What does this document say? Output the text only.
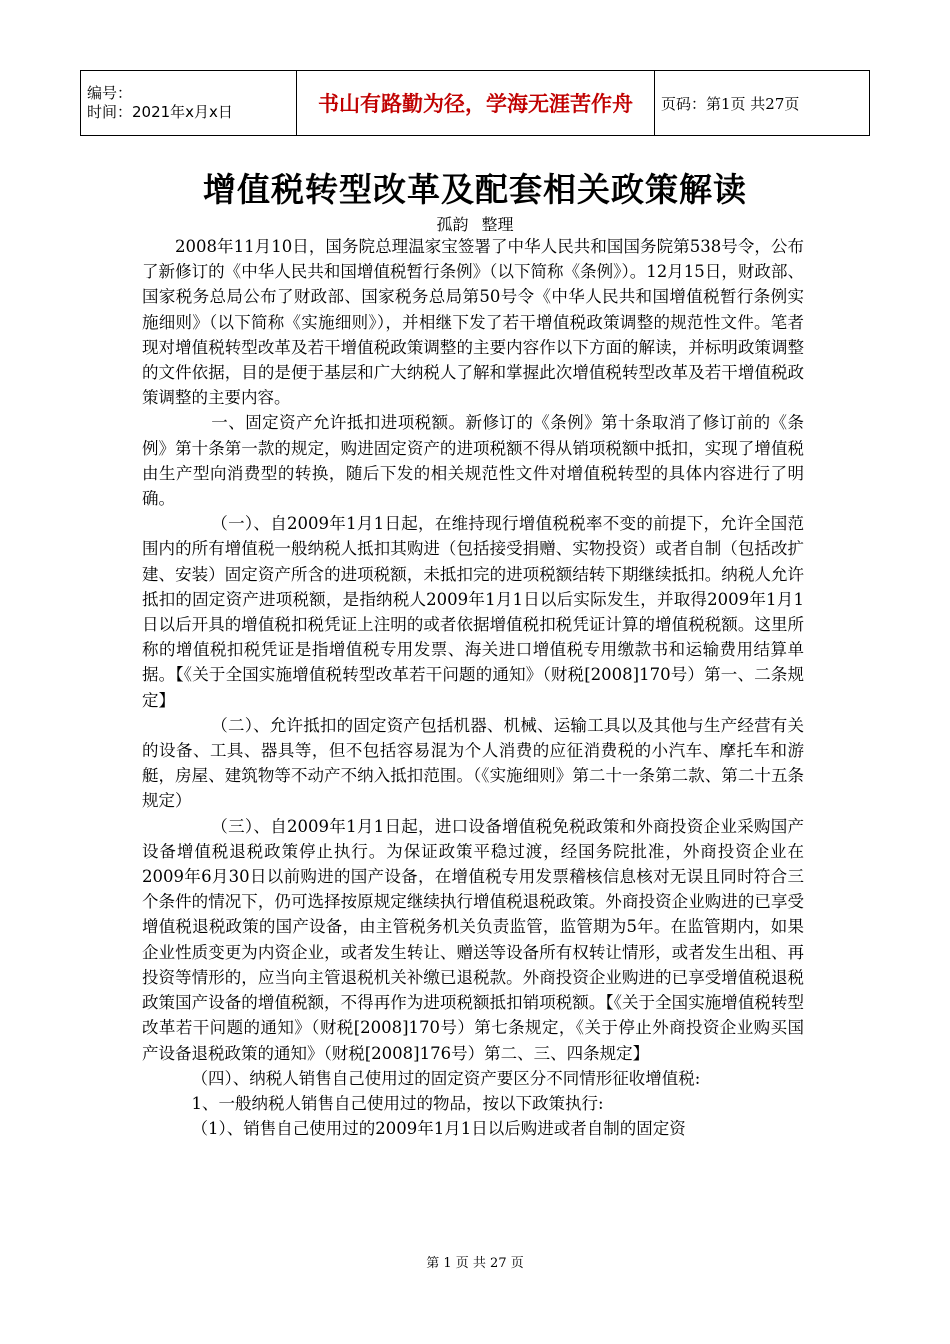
编号：
时间：2021年x月x日	书山有路勤为径，学海无涯苦作舟	页码：第1页 共27页
增值税转型改革及配套相关政策解读
孤韵 整理

2008年11月10日，国务院总理温家宝签署了中华人民共和国国务院第538号令，公布了新修订的《中华人民共和国增值税暂行条例》（以下简称《条例》）。12月15日，财政部、国家税务总局公布了财政部、国家税务总局第50号令《中华人民共和国增值税暂行条例实施细则》（以下简称《实施细则》），并相继下发了若干增值税政策调整的规范性文件。笔者现对增值税转型改革及若干增值税政策调整的主要内容作以下方面的解读，并标明政策调整的文件依据，目的是便于基层和广大纳税人了解和掌握此次增值税转型改革及若干增值税政策调整的主要内容。

一、固定资产允许抵扣进项税额。新修订的《条例》第十条取消了修订前的《条例》第十条第一款的规定，购进固定资产的进项税额不得从销项税额中抵扣，实现了增值税由生产型向消费型的转换，随后下发的相关规范性文件对增值税转型的具体内容进行了明确。

（一）、自2009年1月1日起，在维持现行增值税税率不变的前提下，允许全国范围内的所有增值税一般纳税人抵扣其购进（包括接受捐赠、实物投资）或者自制（包括改扩建、安装）固定资产所含的进项税额，未抵扣完的进项税额结转下期继续抵扣。纳税人允许抵扣的固定资产进项税额，是指纳税人2009年1月1日以后实际发生，并取得2009年1月1日以后开具的增值税扣税凭证上注明的或者依据增值税扣税凭证计算的增值税税额。这里所称的增值税扣税凭证是指增值税专用发票、海关进口增值税专用缴款书和运输费用结算单据。【《关于全国实施增值税转型改革若干问题的通知》（财税[2008]170号）第一、二条规定】

（二）、允许抵扣的固定资产包括机器、机械、运输工具以及其他与生产经营有关的设备、工具、器具等，但不包括容易混为个人消费的应征消费税的小汽车、摩托车和游艇，房屋、建筑物等不动产不纳入抵扣范围。（《实施细则》第二十一条第二款、第二十五条规定）

（三）、自2009年1月1日起，进口设备增值税免税政策和外商投资企业采购国产设备增值税退税政策停止执行。为保证政策平稳过渡，经国务院批准，外商投资企业在2009年6月30日以前购进的国产设备，在增值税专用发票稽核信息核对无误且同时符合三个条件的情况下，仍可选择按原规定继续执行增值税退税政策。外商投资企业购进的已享受增值税退税政策的国产设备，由主管税务机关负责监管，监管期为5年。在监管期内，如果企业性质变更为内资企业，或者发生转让、赠送等设备所有权转让情形，或者发生出租、再投资等情形的，应当向主管退税机关补缴已退税款。外商投资企业购进的已享受增值税退税政策国产设备的增值税额，不得再作为进项税额抵扣销项税额。【《关于全国实施增值税转型改革若干问题的通知》（财税[2008]170号）第七条规定，《关于停止外商投资企业购买国产设备退税政策的通知》（财税[2008]176号）第二、三、四条规定】

（四）、纳税人销售自己使用过的固定资产要区分不同情形征收增值税:

1、一般纳税人销售自己使用过的物品，按以下政策执行:

（1）、销售自己使用过的2009年1月1日以后购进或者自制的固定资

第 1 页 共 27 页
